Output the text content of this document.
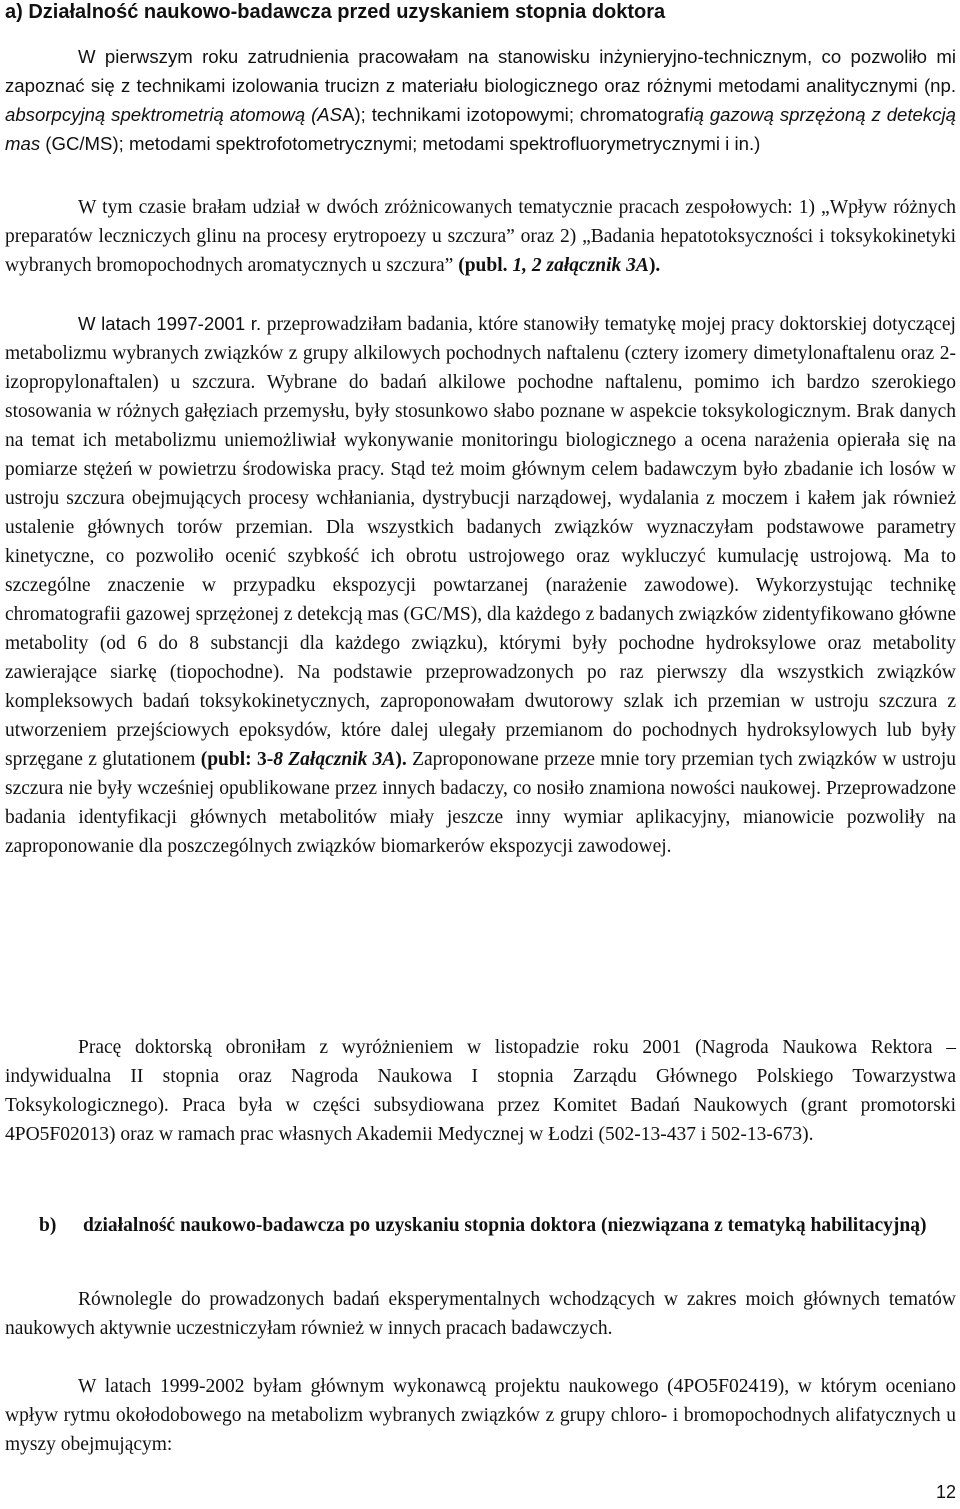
a) Działalność naukowo-badawcza przed uzyskaniem stopnia doktora

W pierwszym roku zatrudnienia pracowałam na stanowisku inżynieryjno-technicznym, co pozwoliło mi zapoznać się z technikami izolowania trucizn z materiału biologicznego oraz różnymi metodami analitycznymi (np. absorpcyjną spektrometrią atomową (ASA); technikami izotopowymi; chromatografią gazową sprzężoną z detekcją mas (GC/MS); metodami spektrofotometrycznymi; metodami spektrofluorymetrycznymi i in.)

W tym czasie brałam udział w dwóch zróżnicowanych tematycznie pracach zespołowych: 1) „Wpływ różnych preparatów leczniczych glinu na procesy erytropoezy u szczura” oraz 2) „Badania hepatotoksyczności i toksykokinetyki wybranych bromopochodnych aromatycznych u szczura” (publ. 1, 2 załącznik 3A).

W latach 1997-2001 r. przeprowadziłam badania, które stanowiły tematykę mojej pracy doktorskiej dotyczącej metabolizmu wybranych związków z grupy alkilowych pochodnych naftalenu (cztery izomery dimetylonaftalenu oraz 2-izopropylonaftalen) u szczura. Wybrane do badań alkilowe pochodne naftalenu, pomimo ich bardzo szerokiego stosowania w różnych gałęziach przemysłu, były stosunkowo słabo poznane w aspekcie toksykologicznym. Brak danych na temat ich metabolizmu uniemożliwiał wykonywanie monitoringu biologicznego a ocena narażenia opierała się na pomiarze stężeń w powietrzu środowiska pracy. Stąd też moim głównym celem badawczym było zbadanie ich losów w ustroju szczura obejmujących procesy wchłaniania, dystrybucji narządowej, wydalania z moczem i kałem jak również ustalenie głównych torów przemian. Dla wszystkich badanych związków wyznaczyłam podstawowe parametry kinetyczne, co pozwoliło ocenić szybkość ich obrotu ustrojowego oraz wykluczyć kumulację ustrojową. Ma to szczególne znaczenie w przypadku ekspozycji powtarzanej (narażenie zawodowe). Wykorzystując technikę chromatografii gazowej sprzężonej z detekcją mas (GC/MS), dla każdego z badanych związków zidentyfikowano główne metabolity (od 6 do 8 substancji dla każdego związku), którymi były pochodne hydroksylowe oraz metabolity zawierające siarkę (tiopochodne). Na podstawie przeprowadzonych po raz pierwszy dla wszystkich związków kompleksowych badań toksykokinetycznych, zaproponowałam dwutorowy szlak ich przemian w ustroju szczura z utworzeniem przejściowych epoksydów, które dalej ulegały przemianom do pochodnych hydroksylowych lub były sprzęgane z glutationem (publ: 3-8 Załącznik 3A). Zaproponowane przeze mnie tory przemian tych związków w ustroju szczura nie były wcześniej opublikowane przez innych badaczy, co nosiło znamiona nowości naukowej. Przeprowadzone badania identyfikacji głównych metabolitów miały jeszcze inny wymiar aplikacyjny, mianowicie pozwoliły na zaproponowanie dla poszczególnych związków biomarkerów ekspozycji zawodowej.

Pracę doktorską obroniłam z wyróżnieniem w listopadzie roku 2001 (Nagroda Naukowa Rektora – indywidualna II stopnia oraz Nagroda Naukowa I stopnia Zarządu Głównego Polskiego Towarzystwa Toksykologicznego). Praca była w części subsydiowana przez Komitet Badań Naukowych (grant promotorski 4PO5F02013) oraz w ramach prac własnych Akademii Medycznej w Łodzi (502-13-437 i 502-13-673).

b) działalność naukowo-badawcza po uzyskaniu stopnia doktora (niezwiązana z tematyką habilitacyjną)

Równolegle do prowadzonych badań eksperymentalnych wchodzących w zakres moich głównych tematów naukowych aktywnie uczestniczyłam również w innych pracach badawczych.

W latach 1999-2002 byłam głównym wykonawcą projektu naukowego (4PO5F02419), w którym oceniano wpływ rytmu okołodobowego na metabolizm wybranych związków z grupy chloro- i bromopochodnych alifatycznych u myszy obejmującym:

12
